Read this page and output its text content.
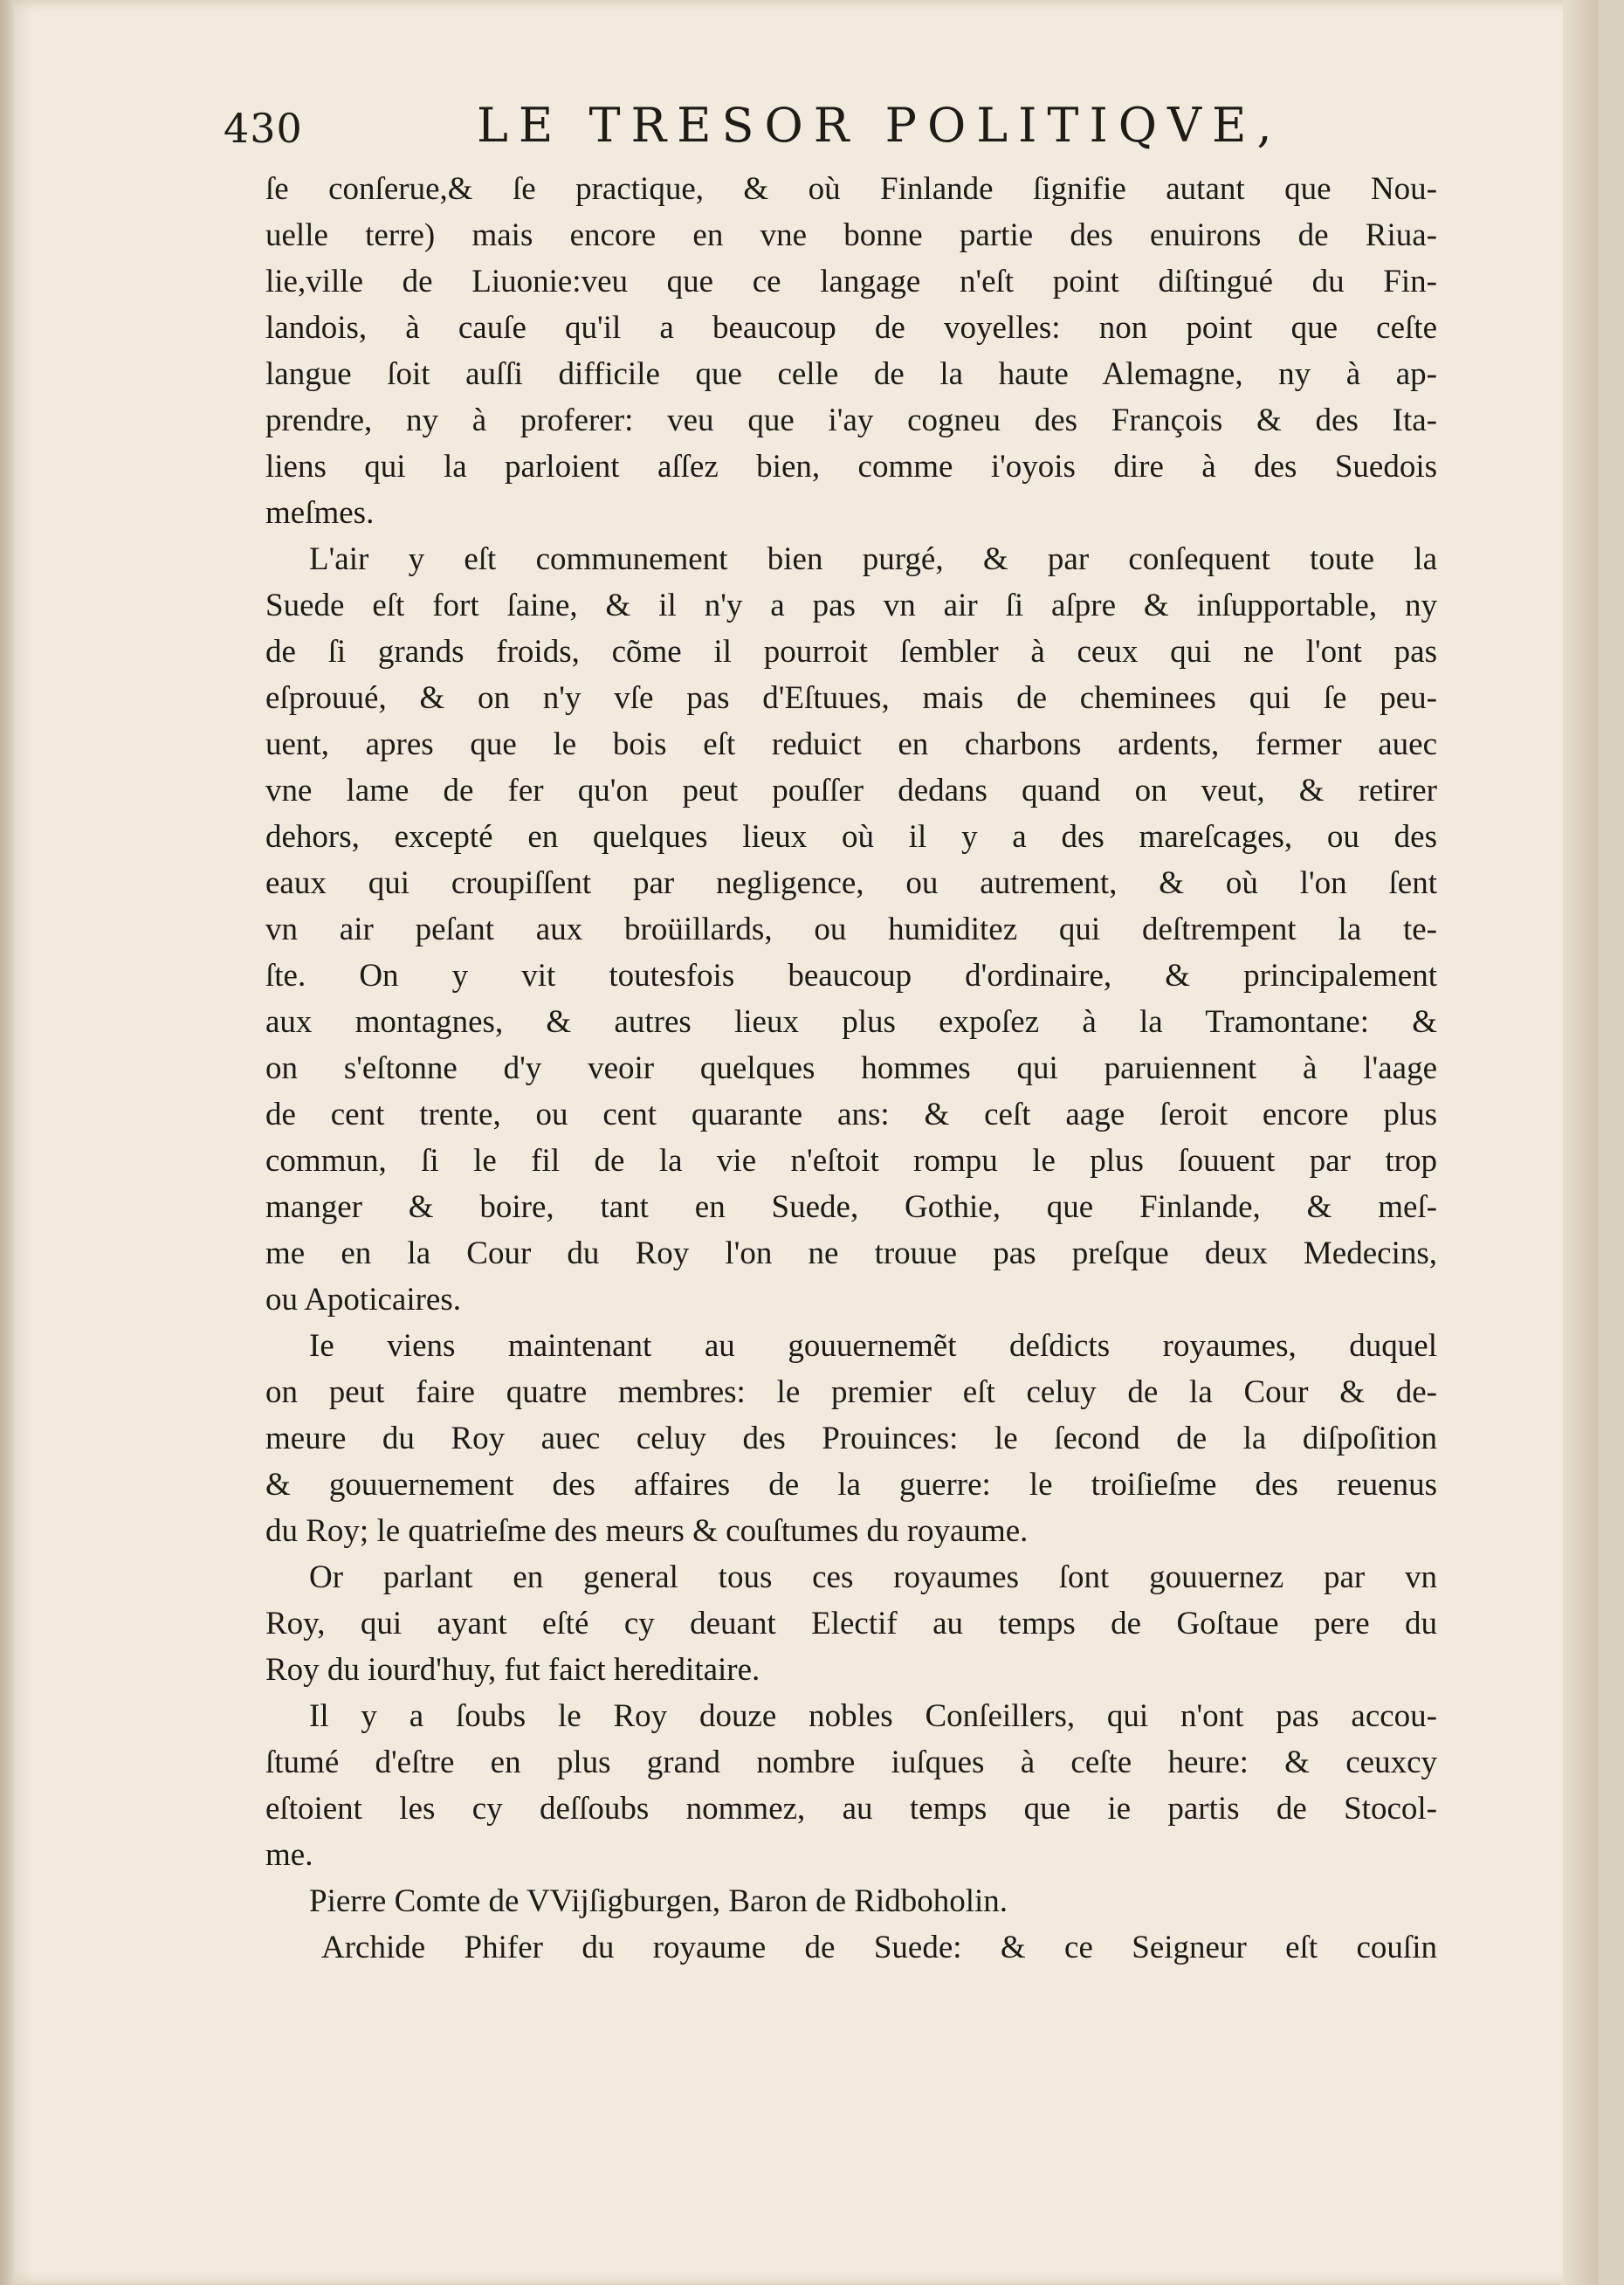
430	LE TRESOR POLITIQVE,
ſe conſerue,& ſe practique, & où Finlande ſignifie autant que Nou-
uelle terre) mais encore en vne bonne partie des enuirons de Riua-
lie,ville de Liuonie:veu que ce langage n'eſt point diſtingué du Fin-
landois, à cauſe qu'il a beaucoup de voyelles: non point que ceſte
langue ſoit auſſi difficile que celle de la haute Alemagne, ny à ap-
prendre, ny à proferer: veu que i'ay cogneu des François & des Ita-
liens qui la parloient aſſez bien, comme i'oyois dire à des Suedois
meſmes.
L'air y eſt communement bien purgé, & par conſequent toute la
Suede eſt fort ſaine, & il n'y a pas vn air ſi aſpre & inſupportable, ny
de ſi grands froids, cõme il pourroit ſembler à ceux qui ne l'ont pas
eſprouué, & on n'y vſe pas d'Eſtuues, mais de cheminees qui ſe peu-
uent, apres que le bois eſt reduict en charbons ardents, fermer auec
vne lame de fer qu'on peut pouſſer dedans quand on veut, & retirer
dehors, excepté en quelques lieux où il y a des mareſcages, ou des
eaux qui croupiſſent par negligence, ou autrement, & où l'on ſent
vn air peſant aux broüillards, ou humiditez qui deſtrempent la te-
ſte. On y vit toutesfois beaucoup d'ordinaire, & principalement
aux montagnes, & autres lieux plus expoſez à la Tramontane: &
on s'eſtonne d'y veoir quelques hommes qui paruiennent à l'aage
de cent trente, ou cent quarante ans: & ceſt aage ſeroit encore plus
commun, ſi le fil de la vie n'eſtoit rompu le plus ſouuent par trop
manger & boire, tant en Suede, Gothie, que Finlande, & meſ-
me en la Cour du Roy l'on ne trouue pas preſque deux Medecins,
ou Apoticaires.
Ie viens maintenant au gouuernemẽt deſdicts royaumes, duquel
on peut faire quatre membres: le premier eſt celuy de la Cour & de-
meure du Roy auec celuy des Prouinces: le ſecond de la diſpoſition
& gouuernement des affaires de la guerre: le troiſieſme des reuenus
du Roy; le quatrieſme des meurs & couſtumes du royaume.
Or parlant en general tous ces royaumes ſont gouuernez par vn
Roy, qui ayant eſté cy deuant Electif au temps de Goſtaue pere du
Roy du iourd'huy, fut faict hereditaire.
Il y a ſoubs le Roy douze nobles Conſeillers, qui n'ont pas accou-
ſtumé d'eſtre en plus grand nombre iuſques à ceſte heure: & ceuxcy
eſtoient les cy deſſoubs nommez, au temps que ie partis de Stocol-
me.
Pierre Comte de VVijſigburgen, Baron de Ridboholin.
Archide Phifer du royaume de Suede: & ce Seigneur eſt couſin
